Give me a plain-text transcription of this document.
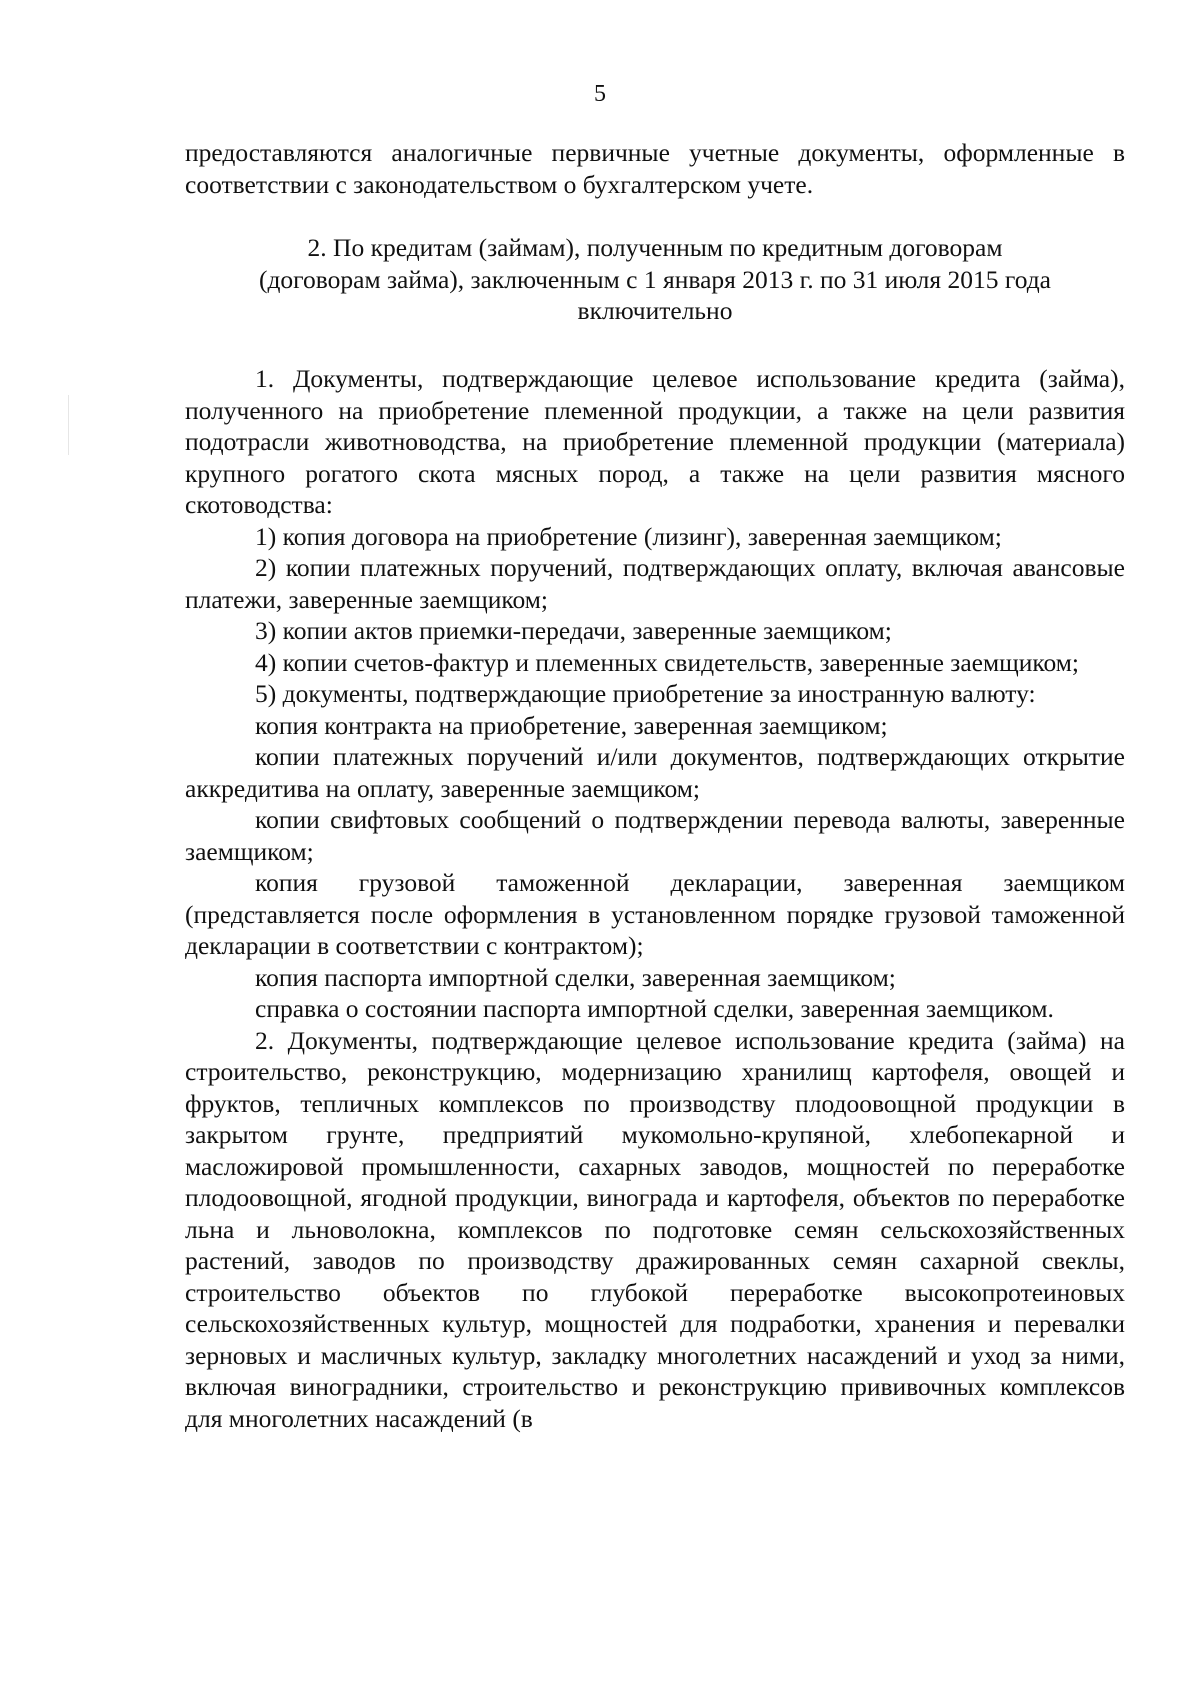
5

предоставляются аналогичные первичные учетные документы, оформленные в соответствии с законодательством о бухгалтерском учете.

2. По кредитам (займам), полученным по кредитным договорам
(договорам займа), заключенным с 1 января 2013 г. по 31 июля 2015 года
включительно

1. Документы, подтверждающие целевое использование кредита (займа), полученного на приобретение племенной продукции, а также на цели развития подотрасли животноводства, на приобретение племенной продукции (материала) крупного рогатого скота мясных пород, а также на цели развития мясного скотоводства:

1) копия договора на приобретение (лизинг), заверенная заемщиком;

2) копии платежных поручений, подтверждающих оплату, включая авансовые платежи, заверенные заемщиком;

3) копии актов приемки-передачи, заверенные заемщиком;

4) копии счетов-фактур и племенных свидетельств, заверенные заемщиком;

5) документы, подтверждающие приобретение за иностранную валюту:

копия контракта на приобретение, заверенная заемщиком;

копии платежных поручений и/или документов, подтверждающих открытие аккредитива на оплату, заверенные заемщиком;

копии свифтовых сообщений о подтверждении перевода валюты, заверенные заемщиком;

копия грузовой таможенной декларации, заверенная заемщиком (представляется после оформления в установленном порядке грузовой таможенной декларации в соответствии с контрактом);

копия паспорта импортной сделки, заверенная заемщиком;

справка о состоянии паспорта импортной сделки, заверенная заемщиком.

2. Документы, подтверждающие целевое использование кредита (займа) на строительство, реконструкцию, модернизацию хранилищ картофеля, овощей и фруктов, тепличных комплексов по производству плодоовощной продукции в закрытом грунте, предприятий мукомольно-крупяной, хлебопекарной и масложировой промышленности, сахарных заводов, мощностей по переработке плодоовощной, ягодной продукции, винограда и картофеля, объектов по переработке льна и льноволокна, комплексов по подготовке семян сельскохозяйственных растений, заводов по производству дражированных семян сахарной свеклы, строительство объектов по глубокой переработке высокопротеиновых сельскохозяйственных культур, мощностей для подработки, хранения и перевалки зерновых и масличных культур, закладку многолетних насаждений и уход за ними, включая виноградники, строительство и реконструкцию прививочных комплексов для многолетних насаждений (в
